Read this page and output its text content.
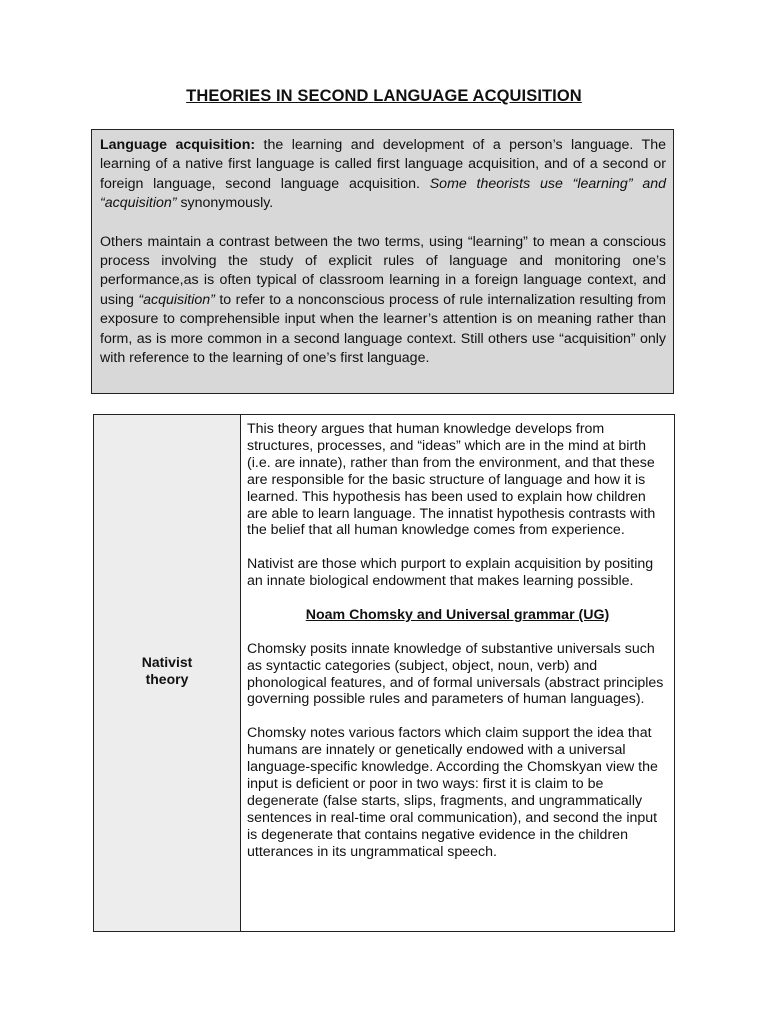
THEORIES IN SECOND LANGUAGE ACQUISITION

Language acquisition: the learning and development of a person’s language. The learning of a native first language is called first language acquisition, and of a second or foreign language, second language acquisition. Some theorists use “learning” and “acquisition” synonymously.

Others maintain a contrast between the two terms, using “learning” to mean a conscious process involving the study of explicit rules of language and monitoring one’s performance,as is often typical of classroom learning in a foreign language context, and using “acquisition” to refer to a nonconscious process of rule internalization resulting from exposure to comprehensible input when the learner’s attention is on meaning rather than form, as is more common in a second language context. Still others use “acquisition” only with reference to the learning of one’s first language.

Nativist
theory

This theory argues that human knowledge develops from structures, processes, and “ideas” which are in the mind at birth (i.e. are innate), rather than from the environment, and that these are responsible for the basic structure of language and how it is learned. This hypothesis has been used to explain how children are able to learn language. The innatist hypothesis contrasts with the belief that all human knowledge comes from experience.

Nativist are those which purport to explain acquisition by positing an innate biological endowment that makes learning possible.

Noam Chomsky and Universal grammar (UG)

Chomsky posits innate knowledge of substantive universals such as syntactic categories (subject, object, noun, verb) and phonological features, and of formal universals (abstract principles governing possible rules and parameters of human languages).

Chomsky notes various factors which claim support the idea that humans are innately or genetically endowed with a universal language-specific knowledge. According the Chomskyan view the input is deficient or poor in two ways: first it is claim to be degenerate (false starts, slips, fragments, and ungrammatically sentences in real-time oral communication), and second the input is degenerate that contains negative evidence in the children utterances in its ungrammatical speech.
